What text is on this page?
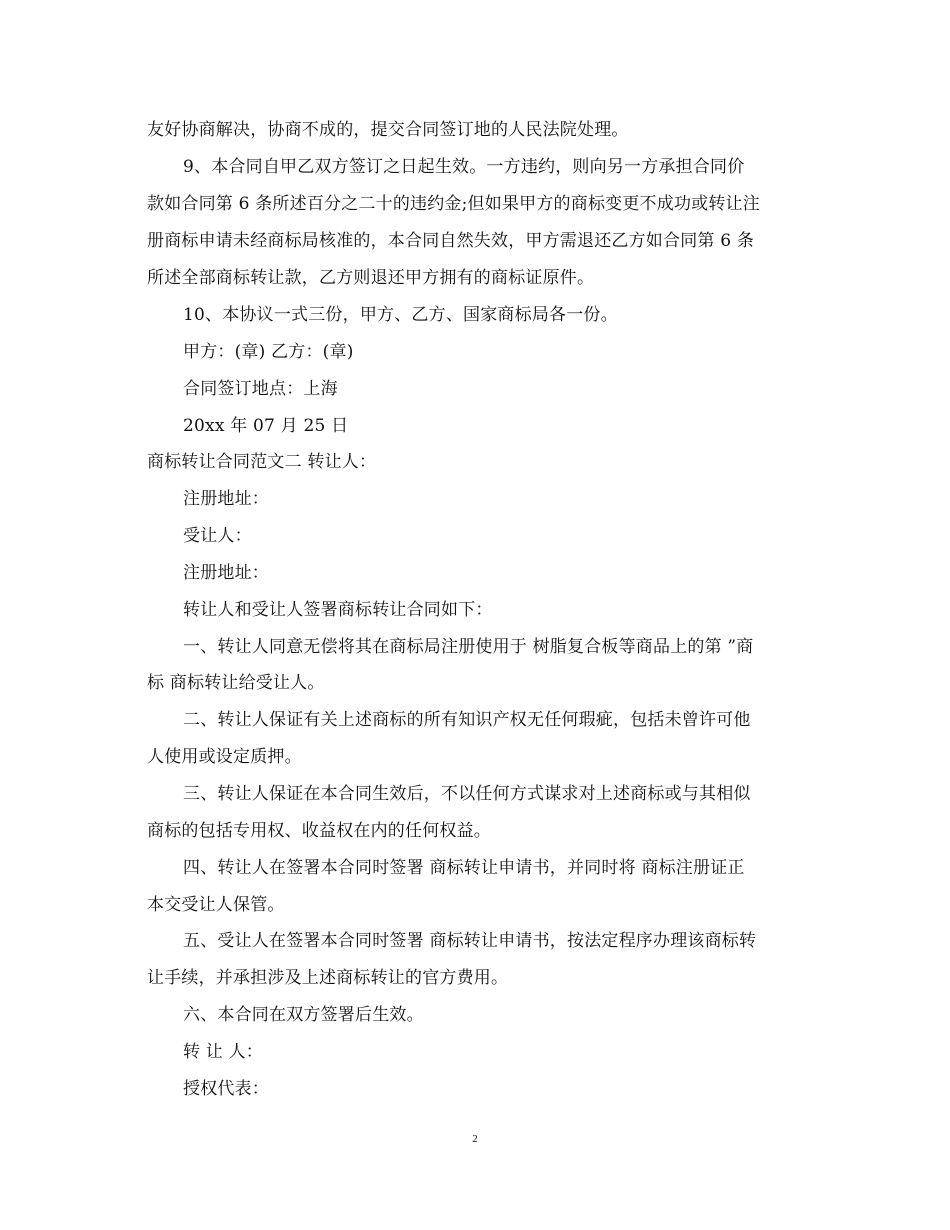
友好协商解决，协商不成的，提交合同签订地的人民法院处理。
9、本合同自甲乙双方签订之日起生效。一方违约，则向另一方承担合同价
款如合同第 6 条所述百分之二十的违约金;但如果甲方的商标变更不成功或转让注
册商标申请未经商标局核准的，本合同自然失效，甲方需退还乙方如合同第 6 条
所述全部商标转让款，乙方则退还甲方拥有的商标证原件。
10、本协议一式三份，甲方、乙方、国家商标局各一份。
甲方：(章) 乙方：(章)
合同签订地点：上海
20xx 年 07 月 25 日
商标转让合同范文二 转让人：
注册地址：
受让人：
注册地址：
转让人和受让人签署商标转让合同如下：
一、转让人同意无偿将其在商标局注册使用于 树脂复合板等商品上的第 ”商
标 商标转让给受让人。
二、转让人保证有关上述商标的所有知识产权无任何瑕疵，包括未曾许可他
人使用或设定质押。
三、转让人保证在本合同生效后，不以任何方式谋求对上述商标或与其相似
商标的包括专用权、收益权在内的任何权益。
四、转让人在签署本合同时签署 商标转让申请书，并同时将 商标注册证正
本交受让人保管。
五、受让人在签署本合同时签署 商标转让申请书，按法定程序办理该商标转
让手续，并承担涉及上述商标转让的官方费用。
六、本合同在双方签署后生效。
转 让 人：
授权代表：
2
